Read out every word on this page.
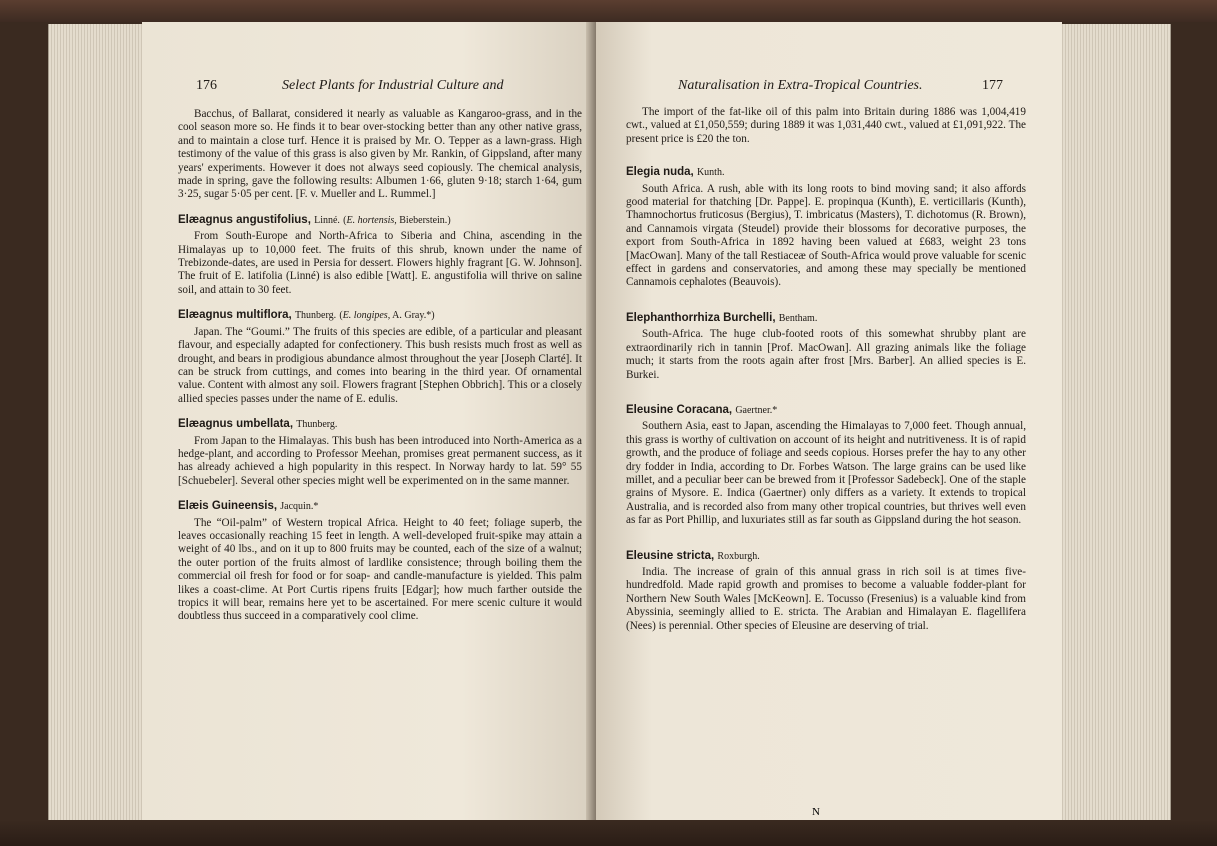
176	Select Plants for Industrial Culture and

Bacchus, of Ballarat, considered it nearly as valuable as Kangaroo-grass, and in the cool season more so. He finds it to bear over-stocking better than any other native grass, and to maintain a close turf. Hence it is praised by Mr. O. Tepper as a lawn-grass. High testimony of the value of this grass is also given by Mr. Rankin, of Gippsland, after many years' experiments. However it does not always seed copiously. The chemical analysis, made in spring, gave the following results: Albumen 1·66, gluten 9·18; starch 1·64, gum 3·25, sugar 5·05 per cent. [F. v. Mueller and L. Rummel.]

Elæagnus angustifolius, Linné. (E. hortensis, Bieberstein.)

From South-Europe and North-Africa to Siberia and China, ascending in the Himalayas up to 10,000 feet. The fruits of this shrub, known under the name of Trebizonde-dates, are used in Persia for dessert. Flowers highly fragrant [G. W. Johnson]. The fruit of E. latifolia (Linné) is also edible [Watt]. E. angustifolia will thrive on saline soil, and attain to 30 feet.

Elæagnus multiflora, Thunberg. (E. longipes, A. Gray.*)

Japan. The “Goumi.” The fruits of this species are edible, of a particular and pleasant flavour, and especially adapted for confectionery. This bush resists much frost as well as drought, and bears in prodigious abundance almost throughout the year [Joseph Clarté]. It can be struck from cuttings, and comes into bearing in the third year. Of ornamental value. Content with almost any soil. Flowers fragrant [Stephen Obbrich]. This or a closely allied species passes under the name of E. edulis.

Elæagnus umbellata, Thunberg.

From Japan to the Himalayas. This bush has been introduced into North-America as a hedge-plant, and according to Professor Meehan, promises great permanent success, as it has already achieved a high popularity in this respect. In Norway hardy to lat. 59° 55 [Schuebeler]. Several other species might well be experimented on in the same manner.

Elæis Guineensis, Jacquin.*

The “Oil-palm” of Western tropical Africa. Height to 40 feet; foliage superb, the leaves occasionally reaching 15 feet in length. A well-developed fruit-spike may attain a weight of 40 lbs., and on it up to 800 fruits may be counted, each of the size of a walnut; the outer portion of the fruits almost of lardlike consistence; through boiling them the commercial oil fresh for food or for soap- and candle-manufacture is yielded. This palm likes a coast-clime. At Port Curtis ripens fruits [Edgar]; how much farther outside the tropics it will bear, remains here yet to be ascertained. For mere scenic culture it would doubtless thus succeed in a comparatively cool clime.

Naturalisation in Extra-Tropical Countries.	177

The import of the fat-like oil of this palm into Britain during 1886 was 1,004,419 cwt., valued at £1,050,559; during 1889 it was 1,031,440 cwt., valued at £1,091,922. The present price is £20 the ton.

Elegia nuda, Kunth.

South Africa. A rush, able with its long roots to bind moving sand; it also affords good material for thatching [Dr. Pappe]. E. propinqua (Kunth), E. verticillaris (Kunth), Thamnochortus fruticosus (Bergius), T. imbricatus (Masters), T. dichotomus (R. Brown), and Cannamois virgata (Steudel) provide their blossoms for decorative purposes, the export from South-Africa in 1892 having been valued at £683, weight 23 tons [MacOwan]. Many of the tall Restiaceæ of South-Africa would prove valuable for scenic effect in gardens and conservatories, and among these may specially be mentioned Cannamois cephalotes (Beauvois).

Elephanthorrhiza Burchelli, Bentham.

South-Africa. The huge club-footed roots of this somewhat shrubby plant are extraordinarily rich in tannin [Prof. MacOwan]. All grazing animals like the foliage much; it starts from the roots again after frost [Mrs. Barber]. An allied species is E. Burkei.

Eleusine Coracana, Gaertner.*

Southern Asia, east to Japan, ascending the Himalayas to 7,000 feet. Though annual, this grass is worthy of cultivation on account of its height and nutritiveness. It is of rapid growth, and the produce of foliage and seeds copious. Horses prefer the hay to any other dry fodder in India, according to Dr. Forbes Watson. The large grains can be used like millet, and a peculiar beer can be brewed from it [Professor Sadebeck]. One of the staple grains of Mysore. E. Indica (Gaertner) only differs as a variety. It extends to tropical Australia, and is recorded also from many other tropical countries, but thrives well even as far as Port Phillip, and luxuriates still as far south as Gippsland during the hot season.

Eleusine stricta, Roxburgh.

India. The increase of grain of this annual grass in rich soil is at times five-hundredfold. Made rapid growth and promises to become a valuable fodder-plant for Northern New South Wales [McKeown]. E. Tocusso (Fresenius) is a valuable kind from Abyssinia, seemingly allied to E. stricta. The Arabian and Himalayan E. flagellifera (Nees) is perennial. Other species of Eleusine are deserving of trial.

N
